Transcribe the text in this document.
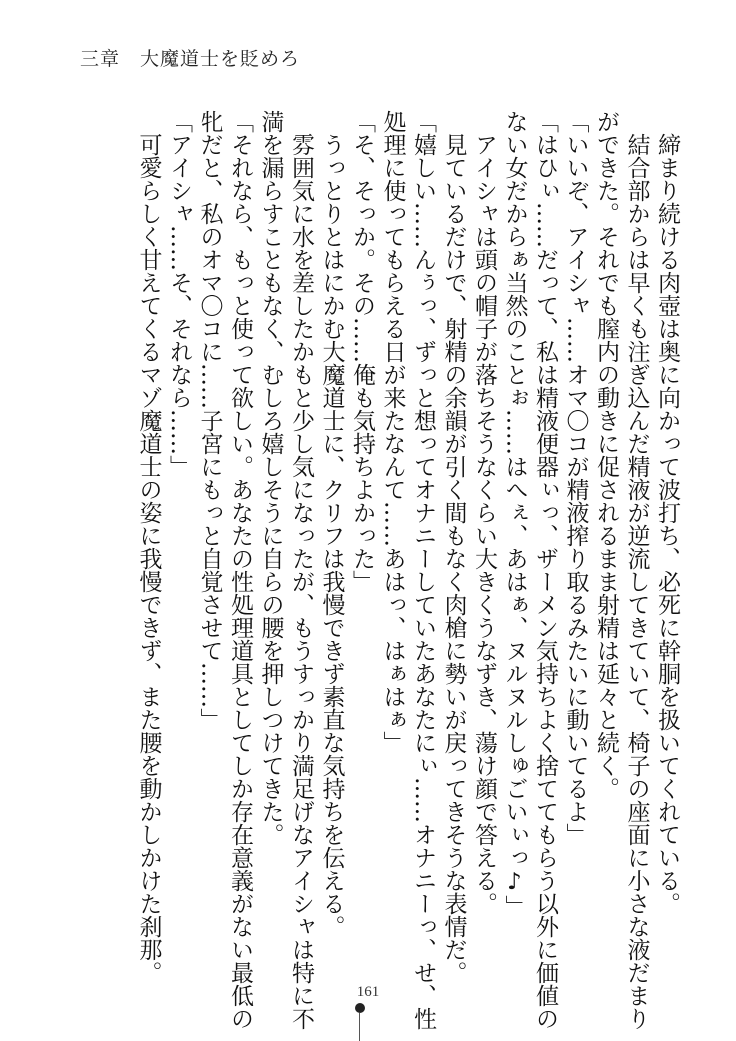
三章　大魔道士を貶めろ
締まり続ける肉壺は奥に向かって波打ち、必死に幹胴を扱いてくれている。
結合部からは早くも注ぎ込んだ精液が逆流してきていて、椅子の座面に小さな液だまり
ができた。それでも膣内の動きに促されるまま射精は延々と続く。
「いいぞ、アイシャ……オマ〇コが精液搾り取るみたいに動いてるよ」
「はひぃ……だって、私は精液便器ぃっ、ザーメン気持ちよく捨ててもらう以外に価値の
ない女だからぁ当然のことぉ……はへぇ、あはぁ、ヌルヌルしゅごいぃっ♪」
アイシャは頭の帽子が落ちそうなくらい大きくうなずき、蕩け顔で答える。
見ているだけで、射精の余韻が引く間もなく肉槍に勢いが戻ってきそうな表情だ。
「嬉しい……んぅっ、ずっと想ってオナニーしていたあなたにぃ……オナニーっ、せ、性
処理に使ってもらえる日が来たなんて……あはっ、はぁはぁ」
「そ、そっか。その……俺も気持ちよかった」
うっとりとはにかむ大魔道士に、クリフは我慢できず素直な気持ちを伝える。
雰囲気に水を差したかもと少し気になったが、もうすっかり満足げなアイシャは特に不
満を漏らすこともなく、むしろ嬉しそうに自らの腰を押しつけてきた。
「それなら、もっと使って欲しい。あなたの性処理道具としてしか存在意義がない最低の
牝だと、私のオマ〇コに……子宮にもっと自覚させて……」
「アイシャ……そ、それなら……」
可愛らしく甘えてくるマゾ魔道士の姿に我慢できず、また腰を動かしかけた刹那。
161
